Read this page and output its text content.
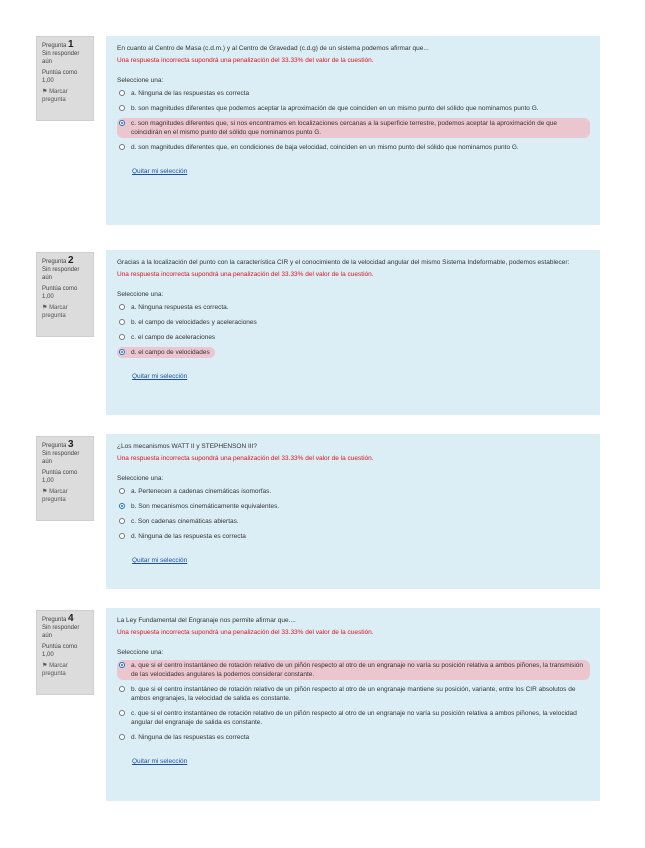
Pregunta 1
Sin responder aún
Puntúa como 1,00
⚑ Marcar pregunta
En cuanto al Centro de Masa (c.d.m.) y al Centro de Gravedad (c.d.g) de un sistema podemos afirmar que...
Una respuesta incorrecta supondrá una penalización del 33.33% del valor de la cuestión.
Seleccione una:
a. Ninguna de las respuestas es correcta
b. son magnitudes diferentes que podemos aceptar la aproximación de que coinciden en un mismo punto del sólido que nominamos punto G.
c. son magnitudes diferentes que, si nos encontramos en localizaciones cercanas a la superficie terrestre, podemos aceptar la aproximación de que coincidirán en el mismo punto del sólido que nominamos punto G.
d. son magnitudes diferentes que, en condiciones de baja velocidad, coinciden en un mismo punto del sólido que nominamos punto G.
Quitar mi selección
Pregunta 2
Sin responder aún
Puntúa como 1,00
⚑ Marcar pregunta
Gracias a la localización del punto con la característica CIR y el conocimiento de la velocidad angular del mismo Sistema Indeformable, podemos establecer:
Una respuesta incorrecta supondrá una penalización del 33.33% del valor de la cuestión.
Seleccione una:
a. Ninguna respuesta es correcta.
b. el campo de velocidades y aceleraciones
c. el campo de aceleraciones
d. el campo de velocidades
Quitar mi selección
Pregunta 3
Sin responder aún
Puntúa como 1,00
⚑ Marcar pregunta
¿Los mecanismos WATT II y STEPHENSON III?
Una respuesta incorrecta supondrá una penalización del 33.33% del valor de la cuestión.
Seleccione una:
a. Pertenecen a cadenas cinemáticas isomorfas.
b. Son mecanismos cinemáticamente equivalentes.
c. Son cadenas cinemáticas abiertas.
d. Ninguna de las respuesta es correcta
Quitar mi selección
Pregunta 4
Sin responder aún
Puntúa como 1,00
⚑ Marcar pregunta
La Ley Fundamental del Engranaje nos permite afirmar que....
Una respuesta incorrecta supondrá una penalización del 33.33% del valor de la cuestión.
Seleccione una:
a. que si el centro instantáneo de rotación relativo de un piñón respecto al otro de un engranaje no varía su posición relativa a ambos piñones, la transmisión de las velocidades angulares la podemos considerar constante.
b. que si el centro instantáneo de rotación relativo de un piñón respecto al otro de un engranaje mantiene su posición, variante, entre los CIR absolutos de ambos engranajes, la velocidad de salida es constante.
c. que si el centro instantáneo de rotación relativo de un piñón respecto al otro de un engranaje no varía su posición relativa a ambos piñones, la velocidad angular del engranaje de salida es constante.
d. Ninguna de las respuestas es correcta
Quitar mi selección
